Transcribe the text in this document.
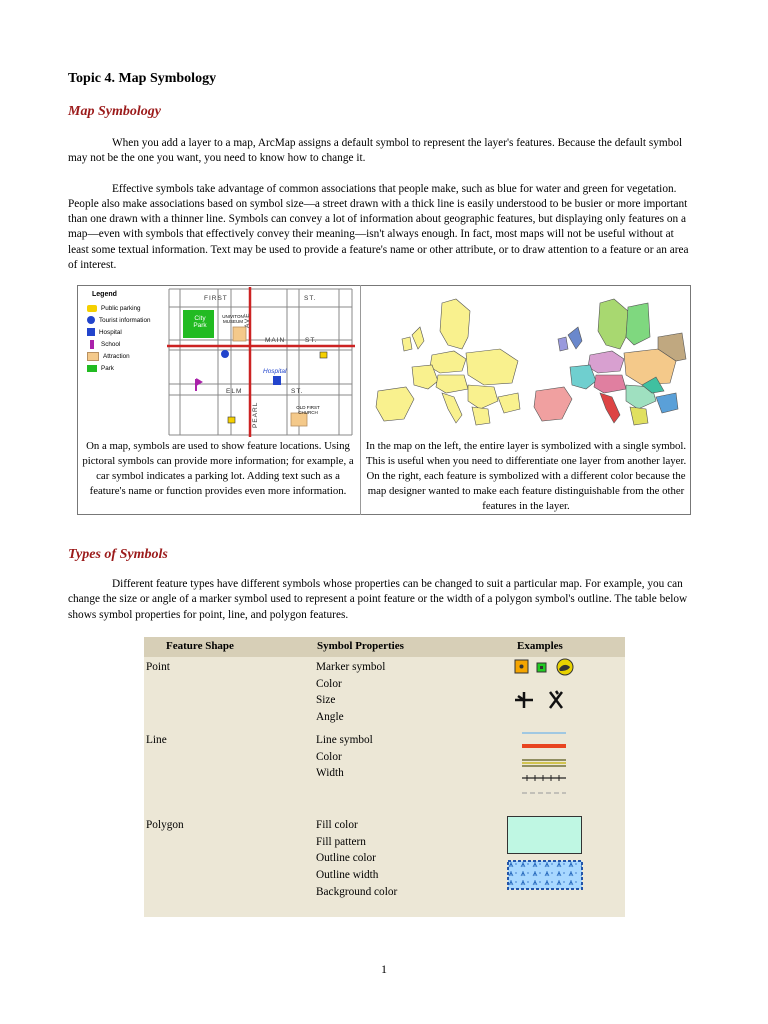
Topic 4. Map Symbology
Map Symbology

When you add a layer to a map, ArcMap assigns a default symbol to represent the layer's features. Because the default symbol may not be the one you want, you need to know how to change it.

Effective symbols take advantage of common associations that people make, such as blue for water and green for vegetation. People also make associations based on symbol size—a street drawn with a thick line is easily understood to be busier or more important than one drawn with a thinner line. Symbols can convey a lot of information about geographic features, but displaying only features on a map—even with symbols that effectively convey their meaning—isn't always enough. In fact, most maps will not be useful without at least some textual information. Text may be used to provide a feature's name or other attribute, or to draw attention to a feature or an area of interest.

Legend
Public parking
Tourist information
Hospital
School
Attraction
Park
FIRST	ST.
MAIN	ST.
ELM	ST.
AVE
PEARL
City Park
UNIVITON MUSEUM
Hospital
OLD FIRST CHURCH
On a map, symbols are used to show feature locations. Using pictoral symbols can provide more information; for example, a car symbol indicates a parking lot. Adding text such as a feature's name or function provides even more information.
In the map on the left, the entire layer is symbolized with a single symbol. This is useful when you need to differentiate one layer from another layer. On the right, each feature is symbolized with a different color because the map designer wanted to make each feature distinguishable from the other features in the layer.
Types of Symbols

Different feature types have different symbols whose properties can be changed to suit a particular map. For example, you can change the size or angle of a marker symbol used to represent a point feature or the width of a polygon symbol's outline. The table below shows symbol properties for point, line, and polygon features.

Feature Shape	Symbol Properties	Examples
Point	Marker symbol
Color
Size
Angle
Line	Line symbol
Color
Width
Polygon	Fill color
Fill pattern
Outline color
Outline width
Background color
1
